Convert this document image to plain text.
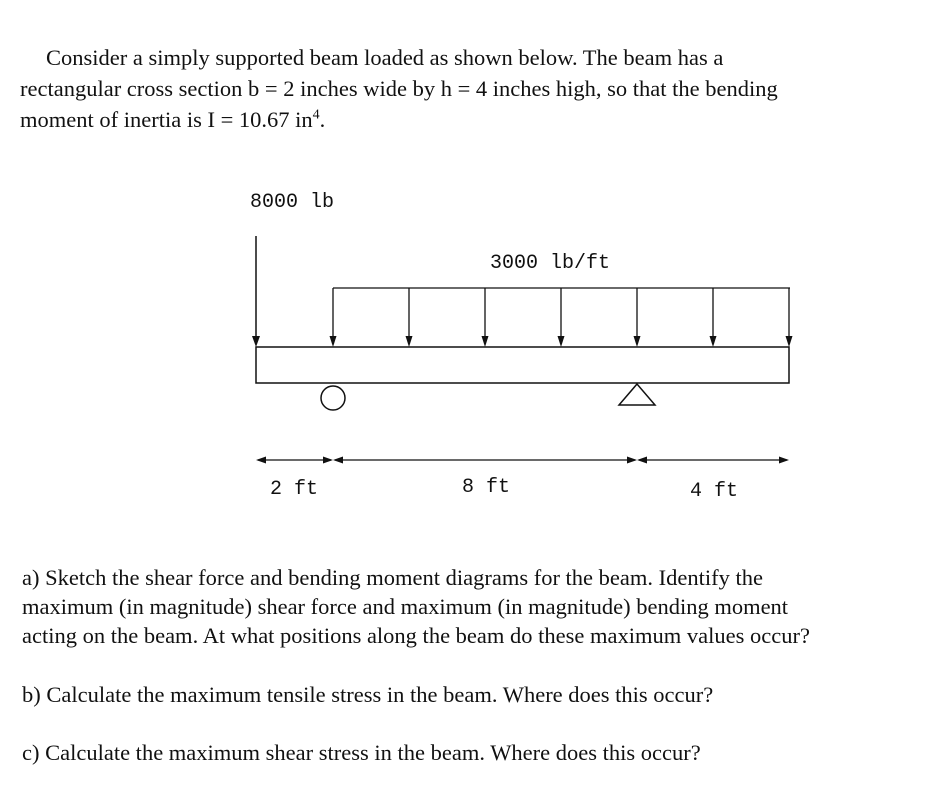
Consider a simply supported beam loaded as shown below. The beam has a
rectangular cross section b = 2 inches wide by h = 4 inches high, so that the bending
moment of inertia is I = 10.67 $in^4$.

8000 lb
3000 lb/ft
2 ft	8 ft	4 ft

a) Sketch the shear force and bending moment diagrams for the beam. Identify the
maximum (in magnitude) shear force and maximum (in magnitude) bending moment
acting on the beam. At what positions along the beam do these maximum values occur?

b) Calculate the maximum tensile stress in the beam. Where does this occur?

c) Calculate the maximum shear stress in the beam. Where does this occur?
